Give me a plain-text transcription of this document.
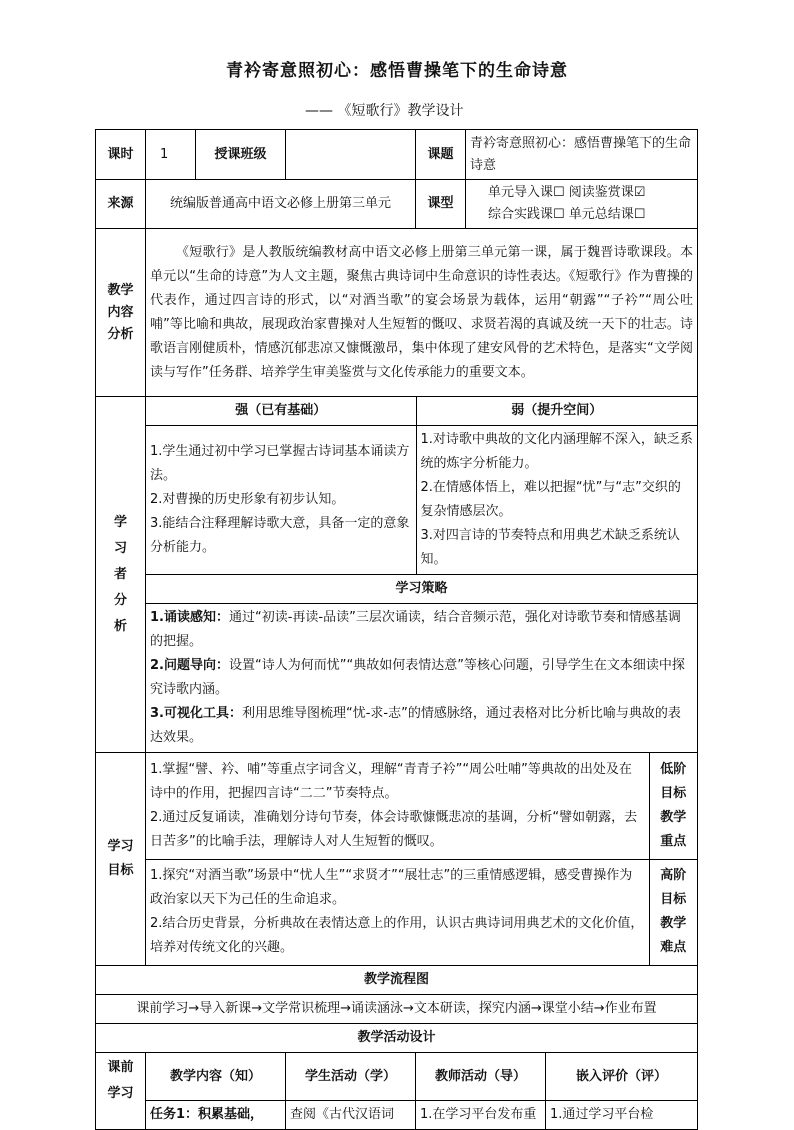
青衿寄意照初心：感悟曹操笔下的生命诗意
—— 《短歌行》教学设计
课时	1	授课班级		课题	青衿寄意照初心：感悟曹操笔下的生命诗意
来源	统编版普通高中语文必修上册第三单元	课型	

单元导入课☐ 阅读鉴赏课☑

综合实践课☐ 单元总结课☐

教学内容分析	《短歌行》是人教版统编教材高中语文必修上册第三单元第一课，属于魏晋诗歌课段。本单元以“生命的诗意”为人文主题，聚焦古典诗词中生命意识的诗性表达。《短歌行》作为曹操的代表作，通过四言诗的形式，以“对酒当歌”的宴会场景为载体，运用“朝露”“子衿”“周公吐哺”等比喻和典故，展现政治家曹操对人生短暂的慨叹、求贤若渴的真诚及统一天下的壮志。诗歌语言刚健质朴，情感沉郁悲凉又慷慨激昂，集中体现了建安风骨的艺术特色，是落实“文学阅读与写作”任务群、培养学生审美鉴赏与文化传承能力的重要文本。
学习者分析	
强（已有基础）	弱（提升空间）

1.学生通过初中学习已掌握古诗词基本诵读方法。

2.对曹操的历史形象有初步认知。

3.能结合注释理解诗歌大意，具备一定的意象分析能力。

1.对诗歌中典故的文化内涵理解不深入，缺乏系统的炼字分析能力。

2.在情感体悟上，难以把握“忧”与“志”交织的复杂情感层次。

3.对四言诗的节奏特点和用典艺术缺乏系统认知。

学习策略

1.诵读感知：通过“初读-再读-品读”三层次诵读，结合音频示范，强化对诗歌节奏和情感基调的把握。

2.问题导向：设置“诗人为何而忧”“典故如何表情达意”等核心问题，引导学生在文本细读中探究诗歌内涵。

3.可视化工具：利用思维导图梳理“忧-求-志”的情感脉络，通过表格对比分析比喻与典故的表达效果。

学习目标	

1.掌握“譬、衿、哺”等重点字词含义，理解“青青子衿”“周公吐哺”等典故的出处及在诗中的作用，把握四言诗“二二”节奏特点。

2.通过反复诵读，准确划分诗句节奏，体会诗歌慷慨悲凉的基调，分析“譬如朝露，去日苦多”的比喻手法，理解诗人对人生短暂的慨叹。

	低阶目标教学重点

1.探究“对酒当歌”场景中“忧人生”“求贤才”“展壮志”的三重情感逻辑，感受曹操作为政治家以天下为己任的生命追求。

2.结合历史背景，分析典故在表情达意上的作用，认识古典诗词用典艺术的文化价值，培养对传统文化的兴趣。

	高阶目标教学难点

教学流程图
课前学习→导入新课→文学常识梳理→诵读涵泳→文本研读，探究内涵→课堂小结→作业布置
教学活动设计
课前学习	教学内容（知）	学生活动（学）	教师活动（导）	嵌入评价（评）
任务1：积累基础，	查阅《古代汉语词	1.在学习平台发布重	1.通过学习平台检
